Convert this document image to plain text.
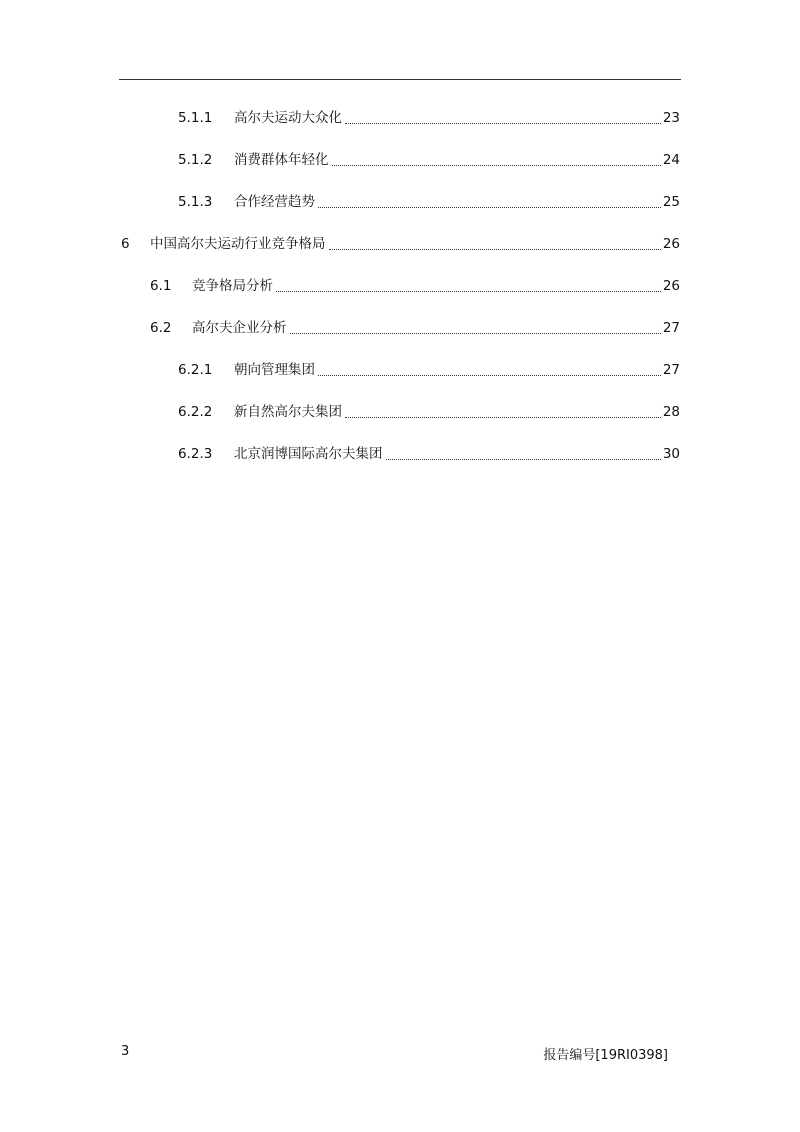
5.1.1	高尔夫运动大众化	23
5.1.2	消费群体年轻化	24
5.1.3	合作经营趋势	25
6	中国高尔夫运动行业竞争格局	26
6.1	竞争格局分析	26
6.2	高尔夫企业分析	27
6.2.1	朝向管理集团	27
6.2.2	新自然高尔夫集团	28
6.2.3	北京润博国际高尔夫集团	30
3	报告编号[19RI0398]
